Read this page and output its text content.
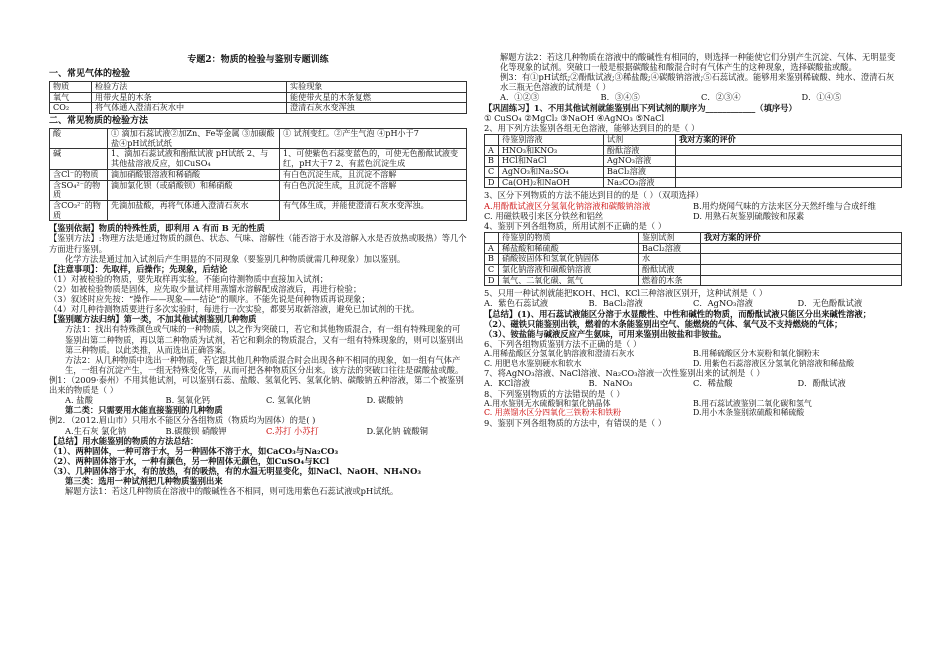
专题2：物质的检验与鉴别专题训练
一、常见气体的检验
物质	检验方法	实验现象
氧气	用带火星的木条	能使带火星的木条复燃
CO₂	将气体通入澄清石灰水中	澄清石灰水变浑浊
二、常见物质的检验方法
酸	① 滴加石蕊试液②加Zn、Fe等金属 ③加碳酸盐④pH试纸试纸	① 试剂变红。②产生气泡 ④pH小于7
碱	1、滴加石蕊试液和酚酞试液 pH试纸 2、与其他盐溶液反应，如CuSO₄	1、可使紫色石蕊变蓝色的，可使无色酚酞试液变红，pH大于7 2、有蓝色沉淀生成
含Cl⁻的物质	滴加硝酸银溶液和稀硝酸	有白色沉淀生成，且沉淀不溶解
含SO₄²⁻的物质	滴加氯化钡（或硝酸钡）和稀硝酸	有白色沉淀生成，且沉淀不溶解
含CO₃²⁻的物质	先滴加盐酸，再将气体通入澄清石灰水	有气体生成，并能使澄清石灰水变浑浊。

【鉴别依据】物质的特殊性质，即利用 A 有而 B 无的性质

【鉴别方法】:物理方法是通过物质的颜色、状态、气味、溶解性（能否溶于水及溶解入水是否放热或吸热）等几个方面进行鉴别。

化学方法是通过加入试剂后产生明显的不同现象（要鉴别几种物质就需几种现象）加以鉴别。

【注意事项】：先取样，后操作；先现象，后结论

（1）对被检验的物质，要先取样再实验。不能向待测物质中直接加入试剂；

（2）如被检验物质是固体，应先取少量试样用蒸馏水溶解配成溶液后，再进行检验；

（3）叙述时应先按：“操作——现象——结论”的顺序。不能先说是何种物质再说现象；

（4）对几种待测物质要进行多次实验时，每进行一次实验，都要另取新溶液，避免已加试剂的干扰。

【鉴别题方法归纳】第一类，不加其他试剂鉴别几种物质

方法1：找出有特殊颜色或气味的一种物质，以之作为突破口，若它和其他物质混合，有一组有特殊现象的可鉴别出第二种物质，再以第二种物质为试剂，若它和剩余的物质混合，又有一组有特殊现象的，则可以鉴别出第三种物质。以此类推，从而选出正确答案。

方法2：从几种物质中选出一种物质，若它跟其他几种物质混合时会出现各种不相同的现象，如一组有气体产生，一组有沉淀产生，一组无特殊变化等，从而可把各种物质区分出来。该方法的突破口往往是碳酸盐或酸。

例1：（2009·泰州）不用其他试剂，可以鉴别石蕊、盐酸、氢氧化钙、氢氧化钠、碳酸钠五种溶液，第二个被鉴别出来的物质是（ ）

A. 盐酸	B. 氢氧化钙	C. 氢氧化钠	D. 碳酸钠

第二类：只需要用水能直接鉴别的几种物质

例2．（2012.眉山市）只用水不能区分各组物质（物质均为固体）的是( )

A.生石灰 氯化钠	B.碳酸钡 硝酸钾	C.苏打 小苏打	D.氯化钠 硫酸铜

【总结】用水能鉴别的物质的方法总结：

（1）、两种固体，一种可溶于水，另一种固体不溶于水，如CaCO₃与Na₂CO₃

（2）、两种固体溶于水，一种有颜色，另一种固体无颜色，如CuSO₄与KCl

（3）、几种固体溶于水，有的放热，有的吸热，有的水温无明显变化，如NaCl、NaOH、NH₄NO₃

第三类：选用一种试剂把几种物质鉴别出来

解题方法1：若这几种物质在溶液中的酸碱性各不相同，则可选用紫色石蕊试液或pH试纸。

解题方法2：若这几种物质在溶液中的酸碱性有相同的，则选择一种能使它们分别产生沉淀、气体、无明显变化等现象的试剂。突破口一般是根据碳酸盐和酸混合时有气体产生的这种现象，选择碳酸盐或酸。

例3：有①pH试纸;②酚酞试液;③稀盐酸;④碳酸钠溶液;⑤石蕊试液。能够用来鉴别稀硫酸、纯水、澄清石灰水三瓶无色溶液的试剂是（ ）

A．①②③	B．③④⑤	C．②③④	D．①④⑤

【巩固练习】1、不用其他试剂就能鉴别出下列试剂的顺序为____________（填序号）

① CuSO₄ ②MgCl₂ ③NaOH ④AgNO₃ ⑤NaCl

2、用下列方法鉴别各组无色溶液，能够达到目的的是（ ）

	待鉴别溶液	试剂	我对方案的评价
A	HNO₃和KNO₃	酚酞溶液	
B	HCl和NaCl	AgNO₃溶液	
C	AgNO₃和Na₂SO₄	BaCl₂溶液	
D	Ca(OH)₂和NaOH	Na₂CO₃溶液	

3、区分下列物质的方法不能达到目的的是（ ）（双项选择）

A.用酚酞试液区分氢氧化钠溶液和碳酸钠溶液	B.用灼烧闻气味的方法来区分天然纤维与合成纤维
C. 用磁铁吸引来区分铁丝和铝丝	D. 用熟石灰鉴别硫酸铵和尿素

4、鉴别下列各组物质，所用试剂不正确的是（ ）

	待鉴别的物质	鉴别试剂	我对方案的评价
A	稀盐酸和稀硫酸	BaCl₂溶液	
B	硝酸铵固体和氢氧化钠固体	水	
C	氯化钠溶液和碳酸钠溶液	酚酞试液	
D	氧气、二氧化碳、氮气	燃着的木条	

5、只用一种试剂就能把KOH、HCl、KCl三种溶液区别开，这种试剂是（ ）

A．紫色石蕊试液	B．BaCl₂溶液	C．AgNO₃溶液	D．无色酚酞试液

【总结】(1)、用石蕊试液能区分溶于水显酸性、中性和碱性的物质，而酚酞试液只能区分出来碱性溶液；

（2）、磁铁只能鉴别出铁，燃着的木条能鉴别出空气、能燃烧的气体、氧气及不支持燃烧的气体；

（3）、铵盐能与碱液反应产生氨味，可用来鉴别出铵盐和非铵盐。

6、下列各组物质鉴别方法不正确的是（ ）

A.用稀盐酸区分氢氧化钠溶液和澄清石灰水	B.用稀硫酸区分木炭粉和氧化铜粉末
C. 用肥皂水鉴别硬水和软水	D. 用紫色石蕊溶液区分氢氧化钠溶液和稀盐酸

7、将AgNO₃溶液、NaCl溶液、Na₂CO₃溶液一次性鉴别出来的试剂是（ ）

A．KCl溶液	B．NaNO₃	C．稀盐酸	D．酚酞试液

8、下列鉴别物质的方法错误的是（ ）

A.用水鉴别无水硫酸铜和氯化钠晶体	B.用石蕊试液鉴别二氧化碳和氢气
C. 用蒸馏水区分四氧化三铁粉末和铁粉	D.用小木条鉴别浓硫酸和稀硫酸

9、鉴别下列各组物质的方法中，有错误的是（ ）
